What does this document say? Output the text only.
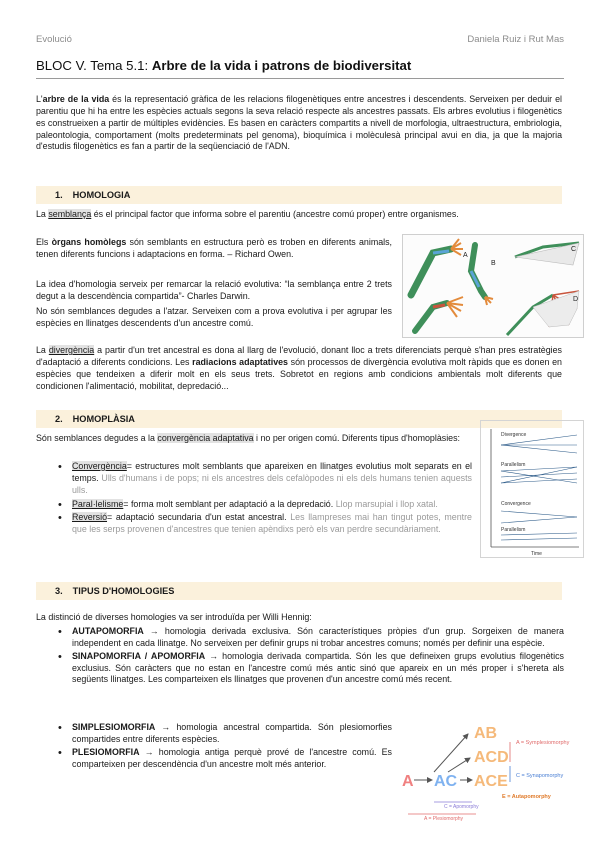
Evolució	Daniela Ruiz i Rut Mas
BLOC V. Tema 5.1: Arbre de la vida i patrons de biodiversitat
L'arbre de la vida és la representació gràfica de les relacions filogenètiques entre ancestres i descendents. Serveixen per deduir el parentiu que hi ha entre les espècies actuals segons la seva relació respecte als ancestres passats. Els arbres evolutius i filogenètics es construeixen a partir de múltiples evidències. Es basen en caràcters compartits a nivell de morfologia, ultraestructura, embriologia, paleontologia, comportament (molts predeterminats pel genoma), bioquímica i molèculesà principal avui en dia, ja que la majoria d'estudis filogenètics es fan a partir de la seqüenciació de l'ADN.
1. HOMOLOGIA
La semblança és el principal factor que informa sobre el parentiu (ancestre comú proper) entre organismes.
Els òrgans homòlegs són semblants en estructura però es troben en diferents animals, tenen diferents funcions i adaptacions en forma. – Richard Owen.
La idea d'homologia serveix per remarcar la relació evolutiva: “la semblança entre 2 trets degut a la descendència compartida”- Charles Darwin.
No són semblances degudes a l'atzar. Serveixen com a prova evolutiva i per agrupar les espècies en llinatges descendents d'un ancestre comú.
A
B
C
D
La divergència a partir d'un tret ancestral es dona al llarg de l'evolució, donant lloc a trets diferenciats perquè s'han pres estratègies d'adaptació a diferents condicions. Les radiacions adaptatives són processos de divergència evolutiva molt ràpids que es donen en espècies que tendeixen a diferir molt en els seus trets. Sobretot en regions amb condicions ambientals molt diferents que condicionen l'alimentació, mobilitat, depredació...
2. HOMOPLÀSIA
Són semblances degudes a la convergència adaptativa i no per origen comú. Diferents tipus d'homoplàsies:
• Convergència= estructures molt semblants que apareixen en llinatges evolutius molt separats en el temps. Ulls d'humans i de pops; ni els ancestres dels cefalòpodes ni els dels humans tenien aquests ulls.
• Paral·lelisme= forma molt semblant per adaptació a la depredació. Llop marsupial i llop xatal.
• Reversió= adaptació secundaria d'un estat ancestral. Les llampreses mai han tingut potes, mentre que les serps provenen d'ancestres que tenien apèndixs però els van perdre secundàriament.
Divergence
Parallelism
Convergence
Parallelism
Time
3. TIPUS D'HOMOLOGIES
La distinció de diverses homologies va ser introduïda per Willi Hennig:
• AUTAPOMORFIA → homologia derivada exclusiva. Són característiques pròpies d'un grup. Sorgeixen de manera independent en cada llinatge. No serveixen per definir grups ni trobar ancestres comuns; només per definir una espècie.
• SINAPOMORFIA / APOMORFIA → homologia derivada compartida. Són les que defineixen grups evolutius filogenètics exclusius. Són caràcters que no estan en l'ancestre comú més antic sinó que apareix en un més proper i s'hereta als següents llinatges. Les comparteixen els llinatges que provenen d'un ancestre comú més recent.
• SIMPLESIOMORFIA → homologia ancestral compartida. Són plesiomorfies compartides entre diferents espècies.
• PLESIOMORFIA → homologia antiga perquè prové de l'ancestre comú. Es comparteixen per descendència d'un ancestre molt més anterior.
A AC ACE
ACD
AB
A = Symplesiomorphy
C = Synapomorphy
E = Autapomorphy
C = Apomorphy
A = Plesiomorphy
